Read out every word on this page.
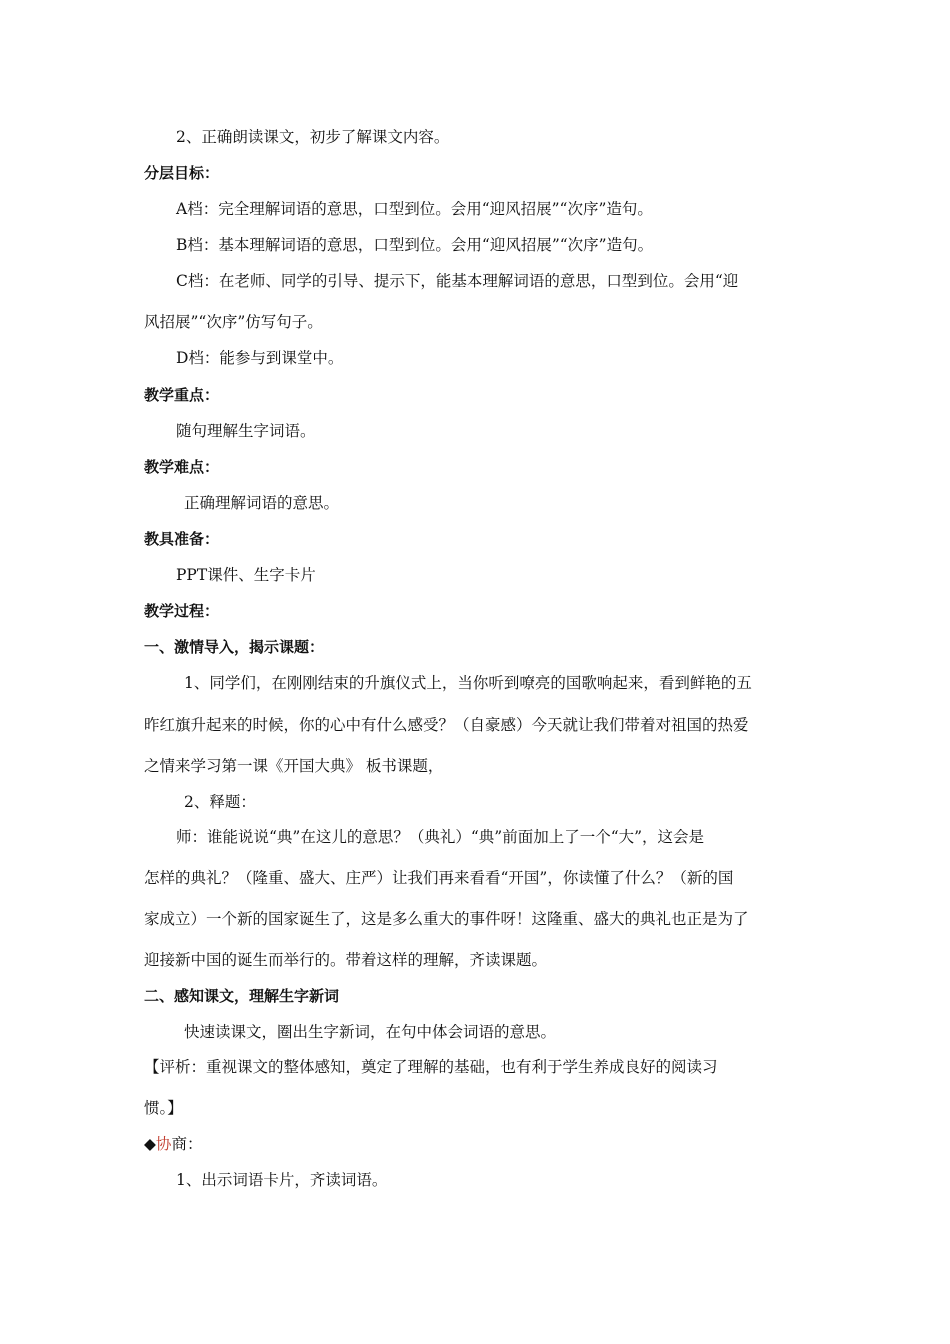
2、正确朗读课文，初步了解课文内容。
分层目标：
A档：完全理解词语的意思，口型到位。会用“迎风招展”“次序”造句。
B档：基本理解词语的意思，口型到位。会用“迎风招展”“次序”造句。
C档：在老师、同学的引导、提示下，能基本理解词语的意思，口型到位。会用“迎
风招展”“次序”仿写句子。
D档：能参与到课堂中。
教学重点：
随句理解生字词语。
教学难点：
正确理解词语的意思。
教具准备：
PPT课件、生字卡片
教学过程：
一、激情导入，揭示课题：
1、同学们，在刚刚结束的升旗仪式上，当你听到嘹亮的国歌响起来，看到鲜艳的五
昨红旗升起来的时候，你的心中有什么感受？（自豪感）今天就让我们带着对祖国的热爱
之情来学习第一课《开国大典》 板书课题，
2、释题：
师：谁能说说“典”在这儿的意思？（典礼）“典”前面加上了一个“大”，这会是
怎样的典礼？（隆重、盛大、庄严）让我们再来看看“开国”，你读懂了什么？（新的国
家成立）一个新的国家诞生了，这是多么重大的事件呀！这隆重、盛大的典礼也正是为了
迎接新中国的诞生而举行的。带着这样的理解，齐读课题。
二、感知课文，理解生字新词
快速读课文，圈出生字新词，在句中体会词语的意思。
【评析：重视课文的整体感知，奠定了理解的基础，也有利于学生养成良好的阅读习
惯。】
◆协商：
1、出示词语卡片，齐读词语。
